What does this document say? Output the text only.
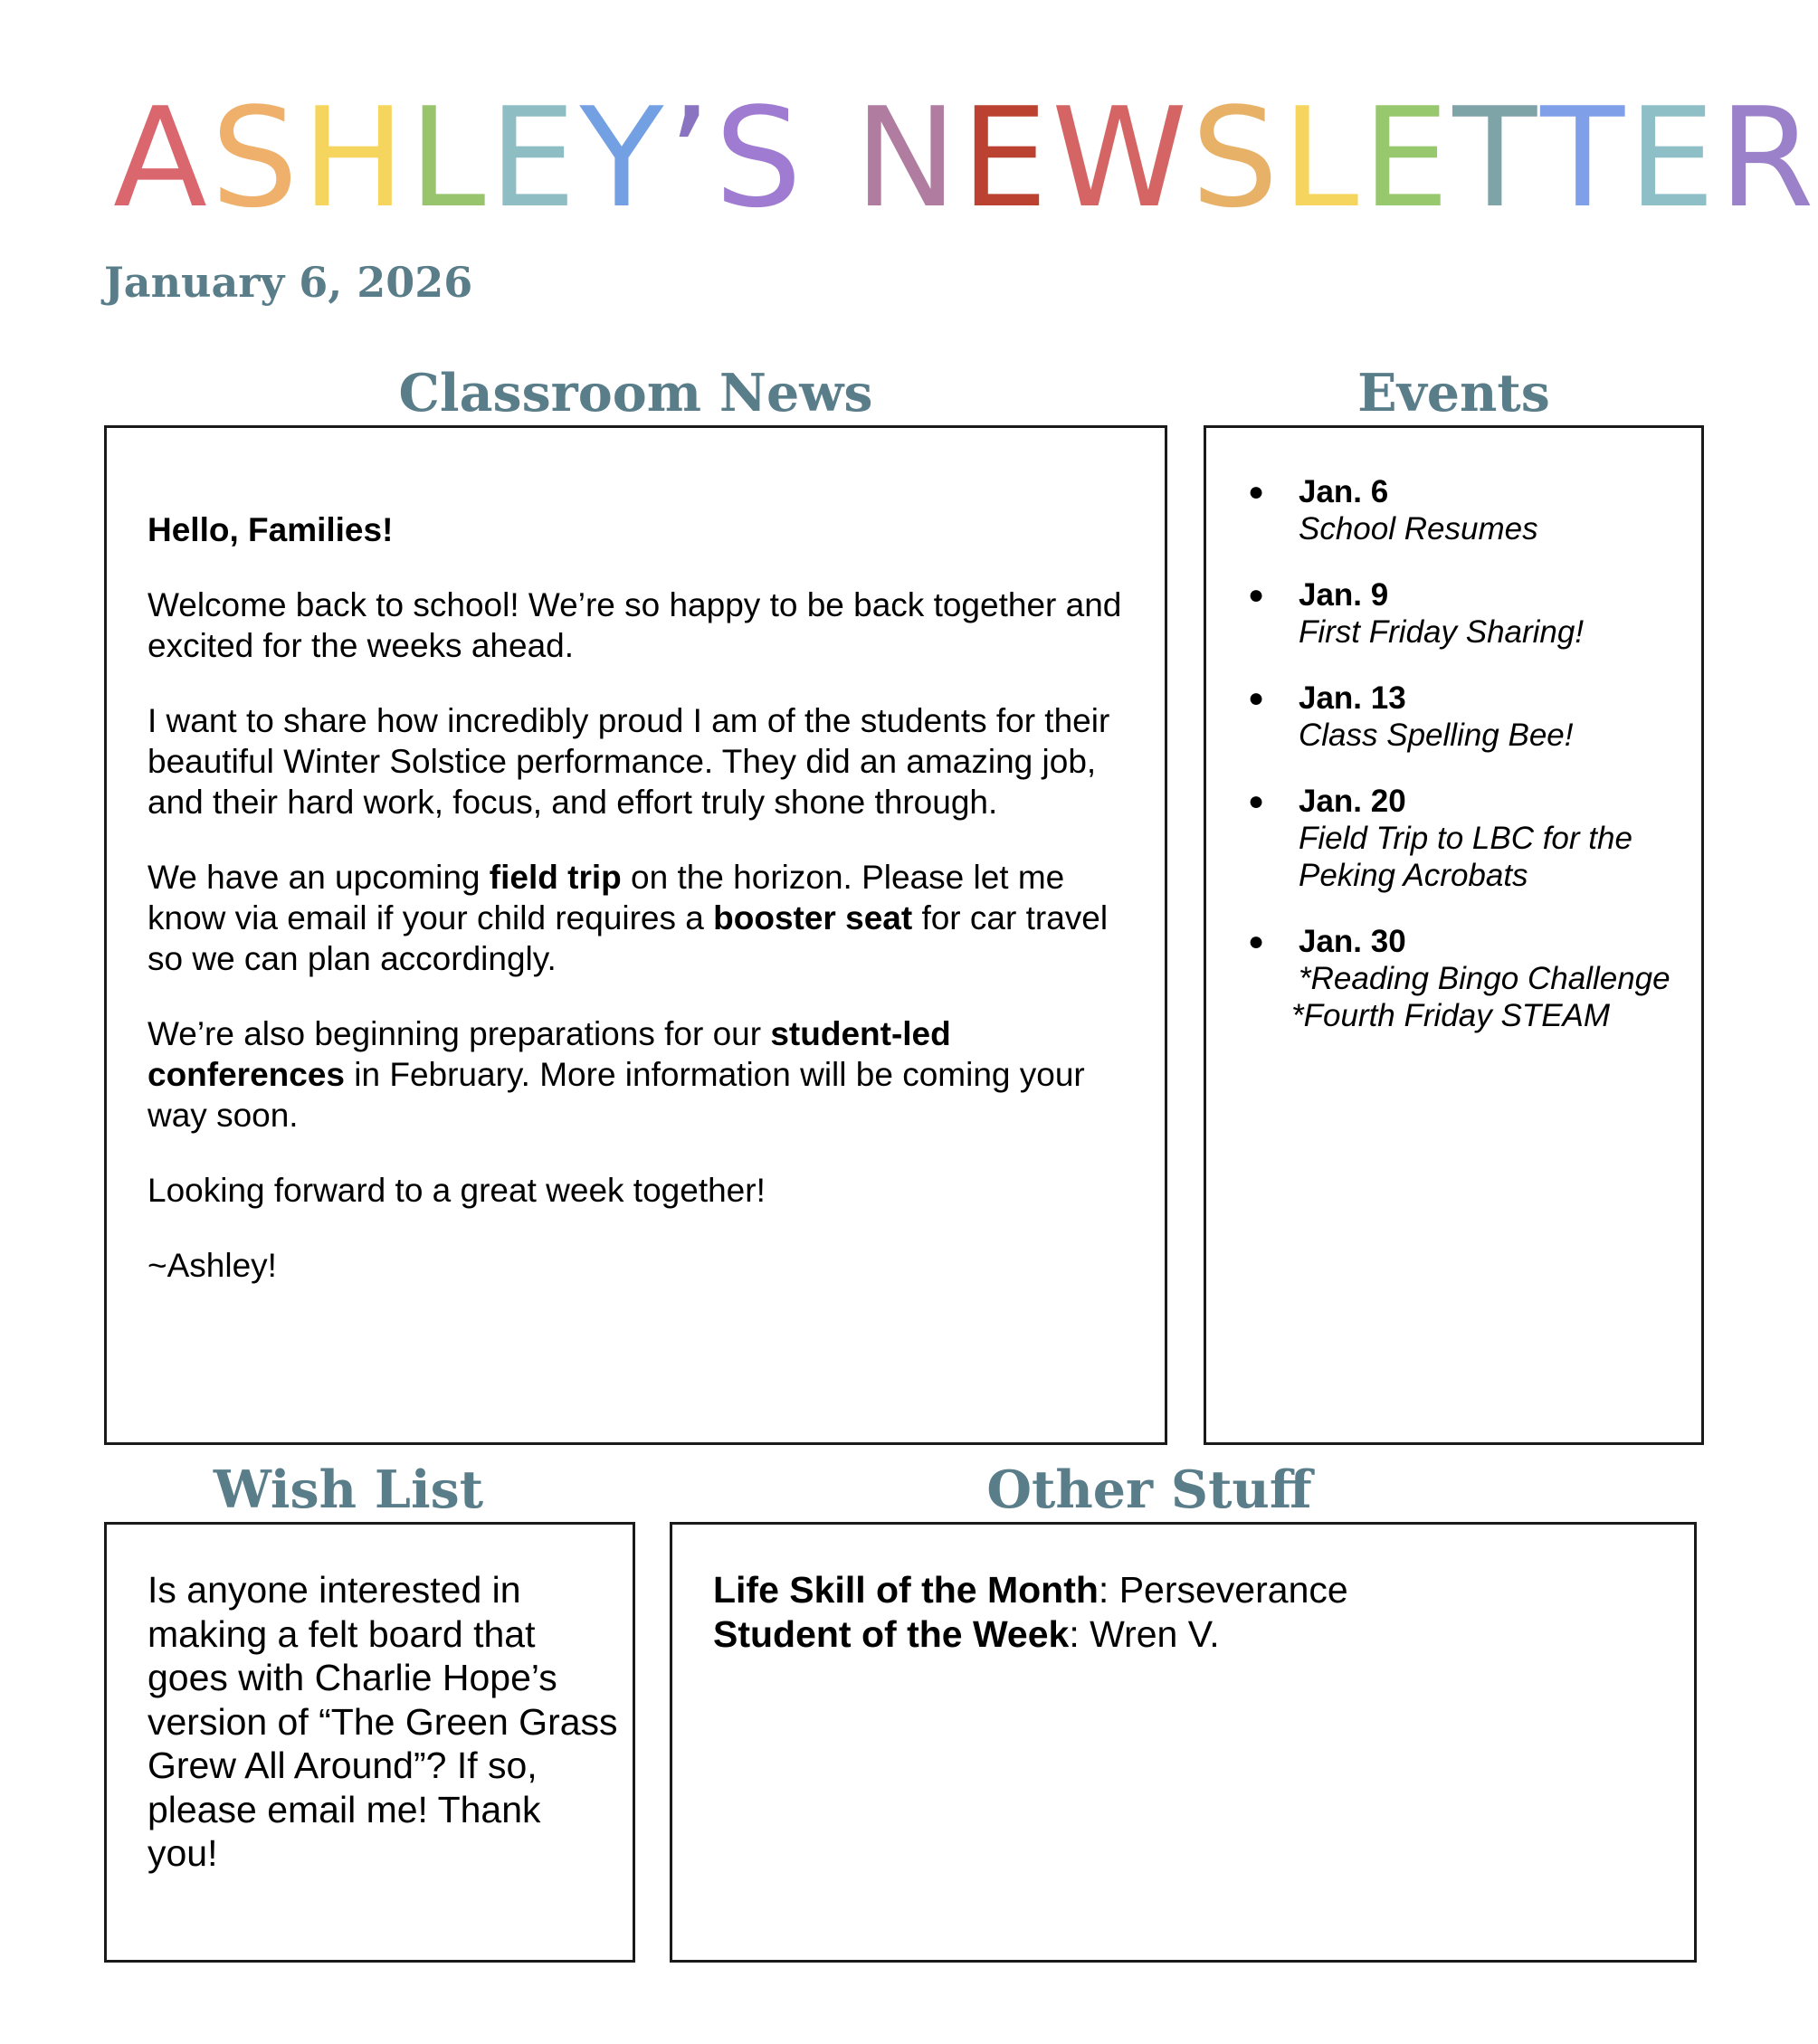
ASHLEY’S NEWSLETTER
January 6, 2026
Classroom News	Events

Hello, Families!

Welcome back to school! We’re so happy to be back together and excited for the weeks ahead.

I want to share how incredibly proud I am of the students for their beautiful Winter Solstice performance. They did an amazing job, and their hard work, focus, and effort truly shone through.

We have an upcoming field trip on the horizon. Please let me know via email if your child requires a booster seat for car travel so we can plan accordingly.

We’re also beginning preparations for our student-led conferences in February. More information will be coming your way soon.

Looking forward to a great week together!

~Ashley!

● Jan. 6
School Resumes
● Jan. 9
First Friday Sharing!
● Jan. 13
Class Spelling Bee!
● Jan. 20
Field Trip to LBC for the Peking Acrobats
● Jan. 30
*Reading Bingo Challenge
*Fourth Friday STEAM
Wish List	Other Stuff
Is anyone interested in making a felt board that goes with Charlie Hope’s version of “The Green Grass Grew All Around”? If so, please email me! Thank you!
Life Skill of the Month: Perseverance
Student of the Week: Wren V.
